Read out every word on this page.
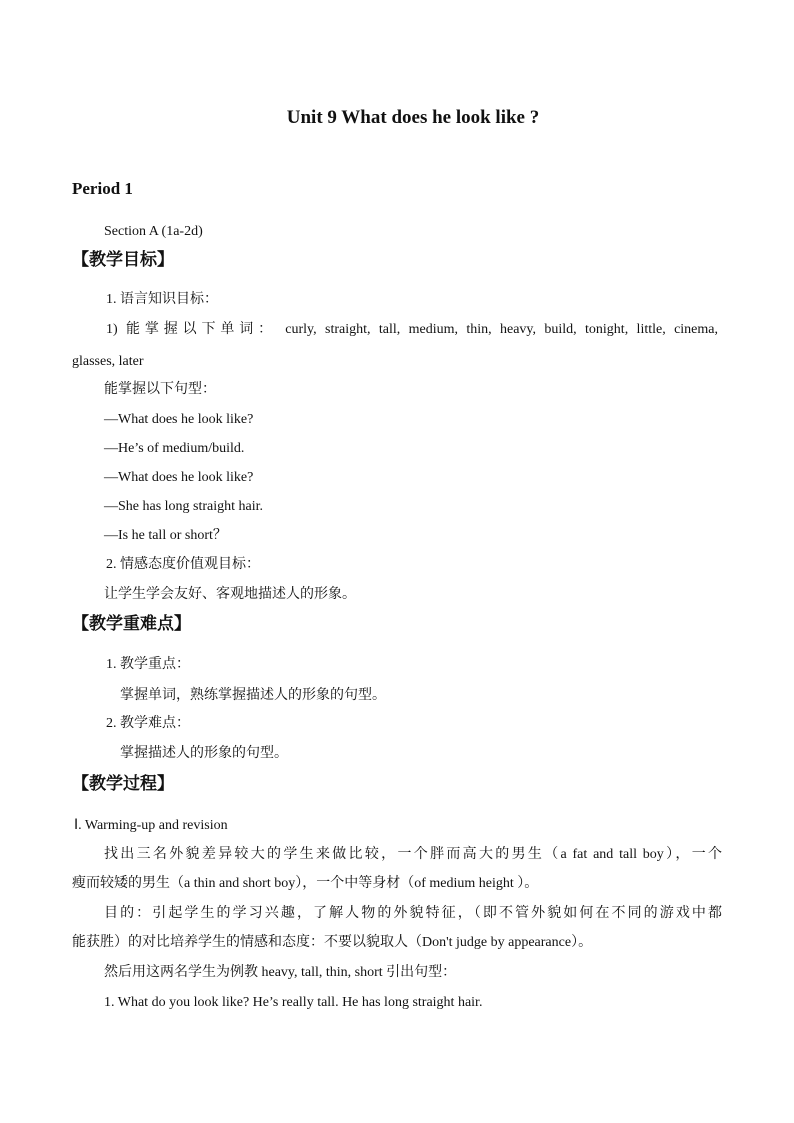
Unit 9 What does he look like ?
Period 1
Section A (1a-2d)
【教学目标】
1. 语言知识目标：
1) 能掌握以下单词： curly, straight, tall, medium, thin, heavy, build, tonight, little, cinema,
glasses, later
能掌握以下句型：
—What does he look like?
—He’s of medium/build.
—What does he look like?
—She has long straight hair.
—Is he tall or short？
2. 情感态度价值观目标：
让学生学会友好、客观地描述人的形象。
【教学重难点】
1. 教学重点：
掌握单词，熟练掌握描述人的形象的句型。
2. 教学难点：
掌握描述人的形象的句型。
【教学过程】
Ⅰ. Warming-up and revision
找出三名外貌差异较大的学生来做比较，一个胖而高大的男生（a fat and tall boy），一个
瘦而较矮的男生（a thin and short boy），一个中等身材（of medium height ）。
目的：引起学生的学习兴趣，了解人物的外貌特征，（即不管外貌如何在不同的游戏中都
能获胜）的对比培养学生的情感和态度：不要以貌取人（Don't judge by appearance）。
然后用这两名学生为例教 heavy, tall, thin, short 引出句型：
1. What do you look like? He’s really tall. He has long straight hair.
